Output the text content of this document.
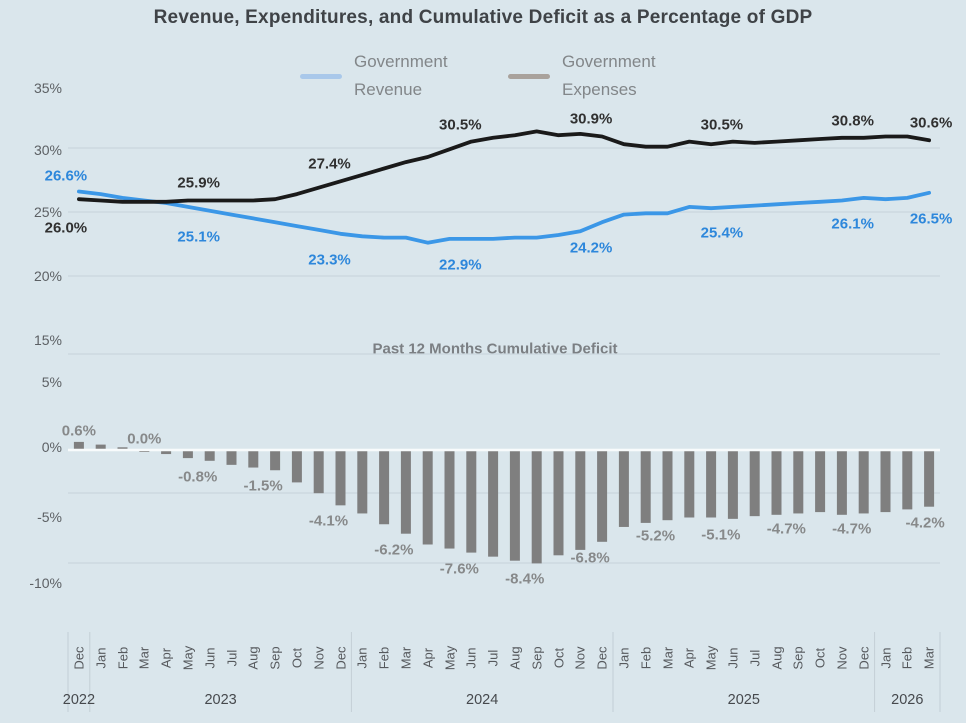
Revenue, Expenditures, and Cumulative Deficit as a Percentage of GDP
Government Revenue
Government Expenses
Past 12 Months Cumulative Deficit
35%
30%
25%
20%
15%
5%
0%
-5%
-10%
Dec Jan Feb Mar Apr May Jun Jul Aug Sep Oct Nov Dec Jan Feb Mar Apr May Jun Jul Aug Sep Oct Nov Dec Jan Feb Mar Apr May Jun Jul Aug Sep Oct Nov Dec Jan Feb Mar
2022	2023	2024	2025	2026
26.6%
25.1%
23.3%	22.9%
24.2%
25.4%
26.1% 26.5%
26.0%
25.9%
27.4%
30.5%	30.9%	30.5%	30.8% 30.6%
0.6% 0.0%
-0.8%
-1.5%
-4.1%
-6.2%
-7.6%
-8.4%
-6.8%
-5.2% -5.1% -4.7% -4.7% -4.2%
